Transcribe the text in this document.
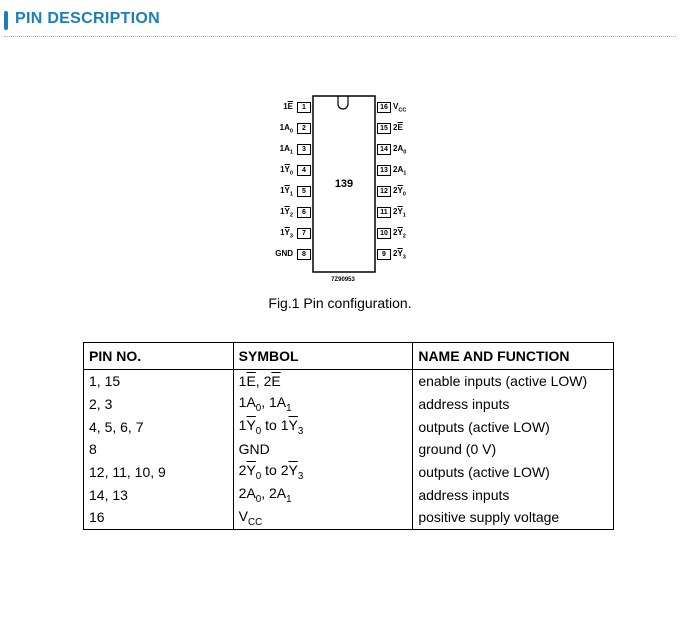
PIN DESCRIPTION
139
7Z90953
1
$1\overline{E}$
2
$1A_0$
3
$1A_1$
4
$1\overline{Y}_0$
5
$1\overline{Y}_1$
6
$1\overline{Y}_2$
7
$1\overline{Y}_3$
8
GND
16 $V_{CC}$
15 $2\overline{E}$
14 $2A_0$
13 $2A_1$
12 $2\overline{Y}_0$
11 $2\overline{Y}_1$
10 $2\overline{Y}_2$
9 $2\overline{Y}_3$
Fig.1 Pin configuration.
PIN NO.	SYMBOL	NAME AND FUNCTION
1, 15	$1\overline{E}$, $2\overline{E}$	enable inputs (active LOW)
2, 3	$1A_0$, $1A_1$	address inputs
4, 5, 6, 7	$1\overline{Y}_0$ to $1\overline{Y}_3$	outputs (active LOW)
8	GND	ground (0 V)
12, 11, 10, 9	$2\overline{Y}_0$ to $2\overline{Y}_3$	outputs (active LOW)
14, 13	$2A_0$, $2A_1$	address inputs
16	$V_{CC}$	positive supply voltage
